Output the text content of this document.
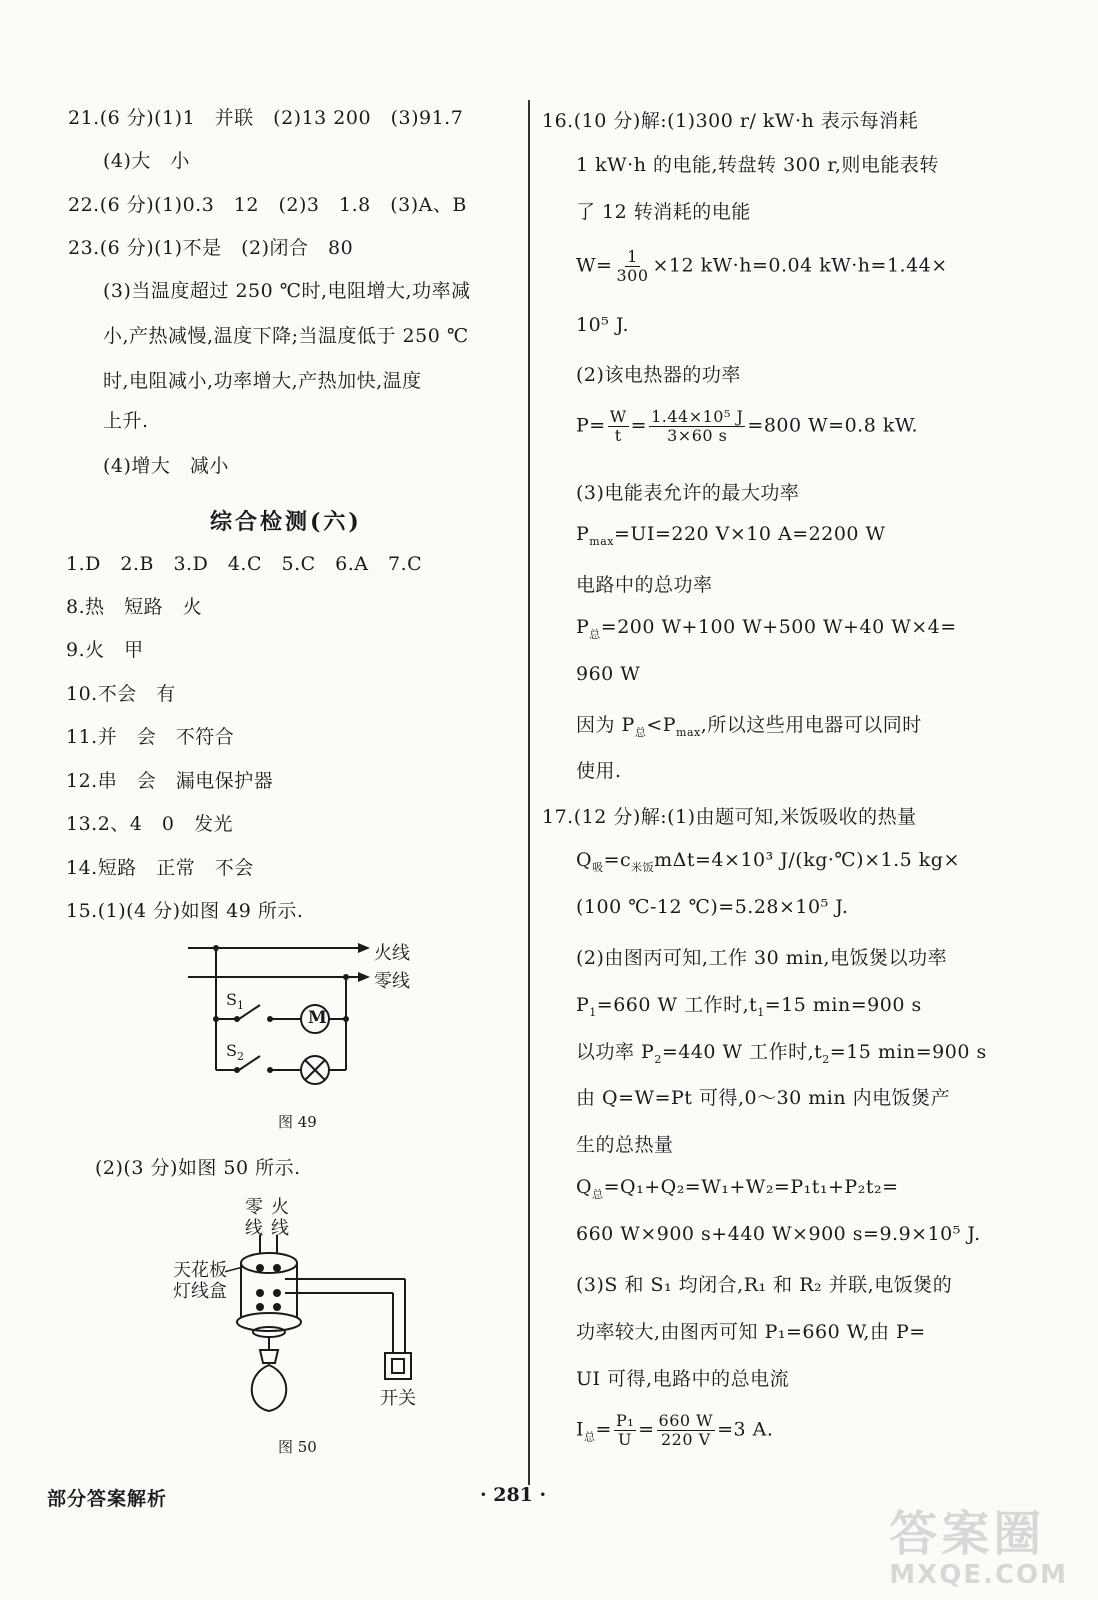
21.(6 分)(1)1　并联　(2)13 200　(3)91.7
(4)大　小
22.(6 分)(1)0.3　12　(2)3　1.8　(3)A、B
23.(6 分)(1)不是　(2)闭合　80
(3)当温度超过 250 ℃时,电阻增大,功率减
小,产热减慢,温度下降;当温度低于 250 ℃
时,电阻减小,功率增大,产热加快,温度
上升.
(4)增大　减小
综合检测(六)
1.D　2.B　3.D　4.C　5.C　6.A　7.C
8.热　短路　火
9.火　甲
10.不会　有
11.并　会　不符合
12.串　会　漏电保护器
13.2、4　0　发光
14.短路　正常　不会
15.(1)(4 分)如图 49 所示.
火线
零线
$S_1$
$S_2$
M
图 49
(2)(3 分)如图 50 所示.
零
线
火
线
天花板
灯线盒
开关
图 50
16.(10 分)解:(1)300 r/ kW·h 表示每消耗
1 kW·h 的电能,转盘转 300 r,则电能表转
了 12 转消耗的电能
$W= \frac{1}{300} \times 12$ kW·h=0.04 kW·h=1.44×
10⁵ J.
(2)该电热器的功率
$P= \frac{W}{t} = \frac{\text{1.44×10⁵ J}}{3\times 60 s} =800$ W=0.8 kW.
(3)电能表允许的最大功率
$P_{max}=UI=220$ V×10 A=2200 W
电路中的总功率
$P_总=200$ W+100 W+500 W+40 W×4=
960 W
因为 $P_总<P_{max}$,所以这些用电器可以同时
使用.
17.(12 分)解:(1)由题可知,米饭吸收的热量
$Q_吸=c_{米饭}m\Delta t=4\times 10^3$ J/(kg·℃)×1.5 kg×
(100 ℃-12 ℃)=5.28×10⁵ J.
(2)由图丙可知,工作 30 min,电饭煲以功率
$P_1=660$ W 工作时$,t_1=15$ min=900 s
以功率 $P_2=440$ W 工作时$,t_2=15$ min=900 s
由 Q=W=Pt 可得,0～30 min 内电饭煲产
生的总热量
$Q_总=Q_1+Q_2=W_1+W_2=P_1t_1+P_2t_2=$
660 W×900 s+440 W×900 s=9.9×10⁵ J.
(3)S 和 S₁ 均闭合,R₁ 和 R₂ 并联,电饭煲的
功率较大,由图丙可知 P₁=660 W,由 P=
UI 可得,电路中的总电流
$I_总= \frac{\text{P₁}}{U} = \frac{660 W}{220 V} =3$ A.
部分答案解析	· 281 ·
答案圈
MXQE.COM
